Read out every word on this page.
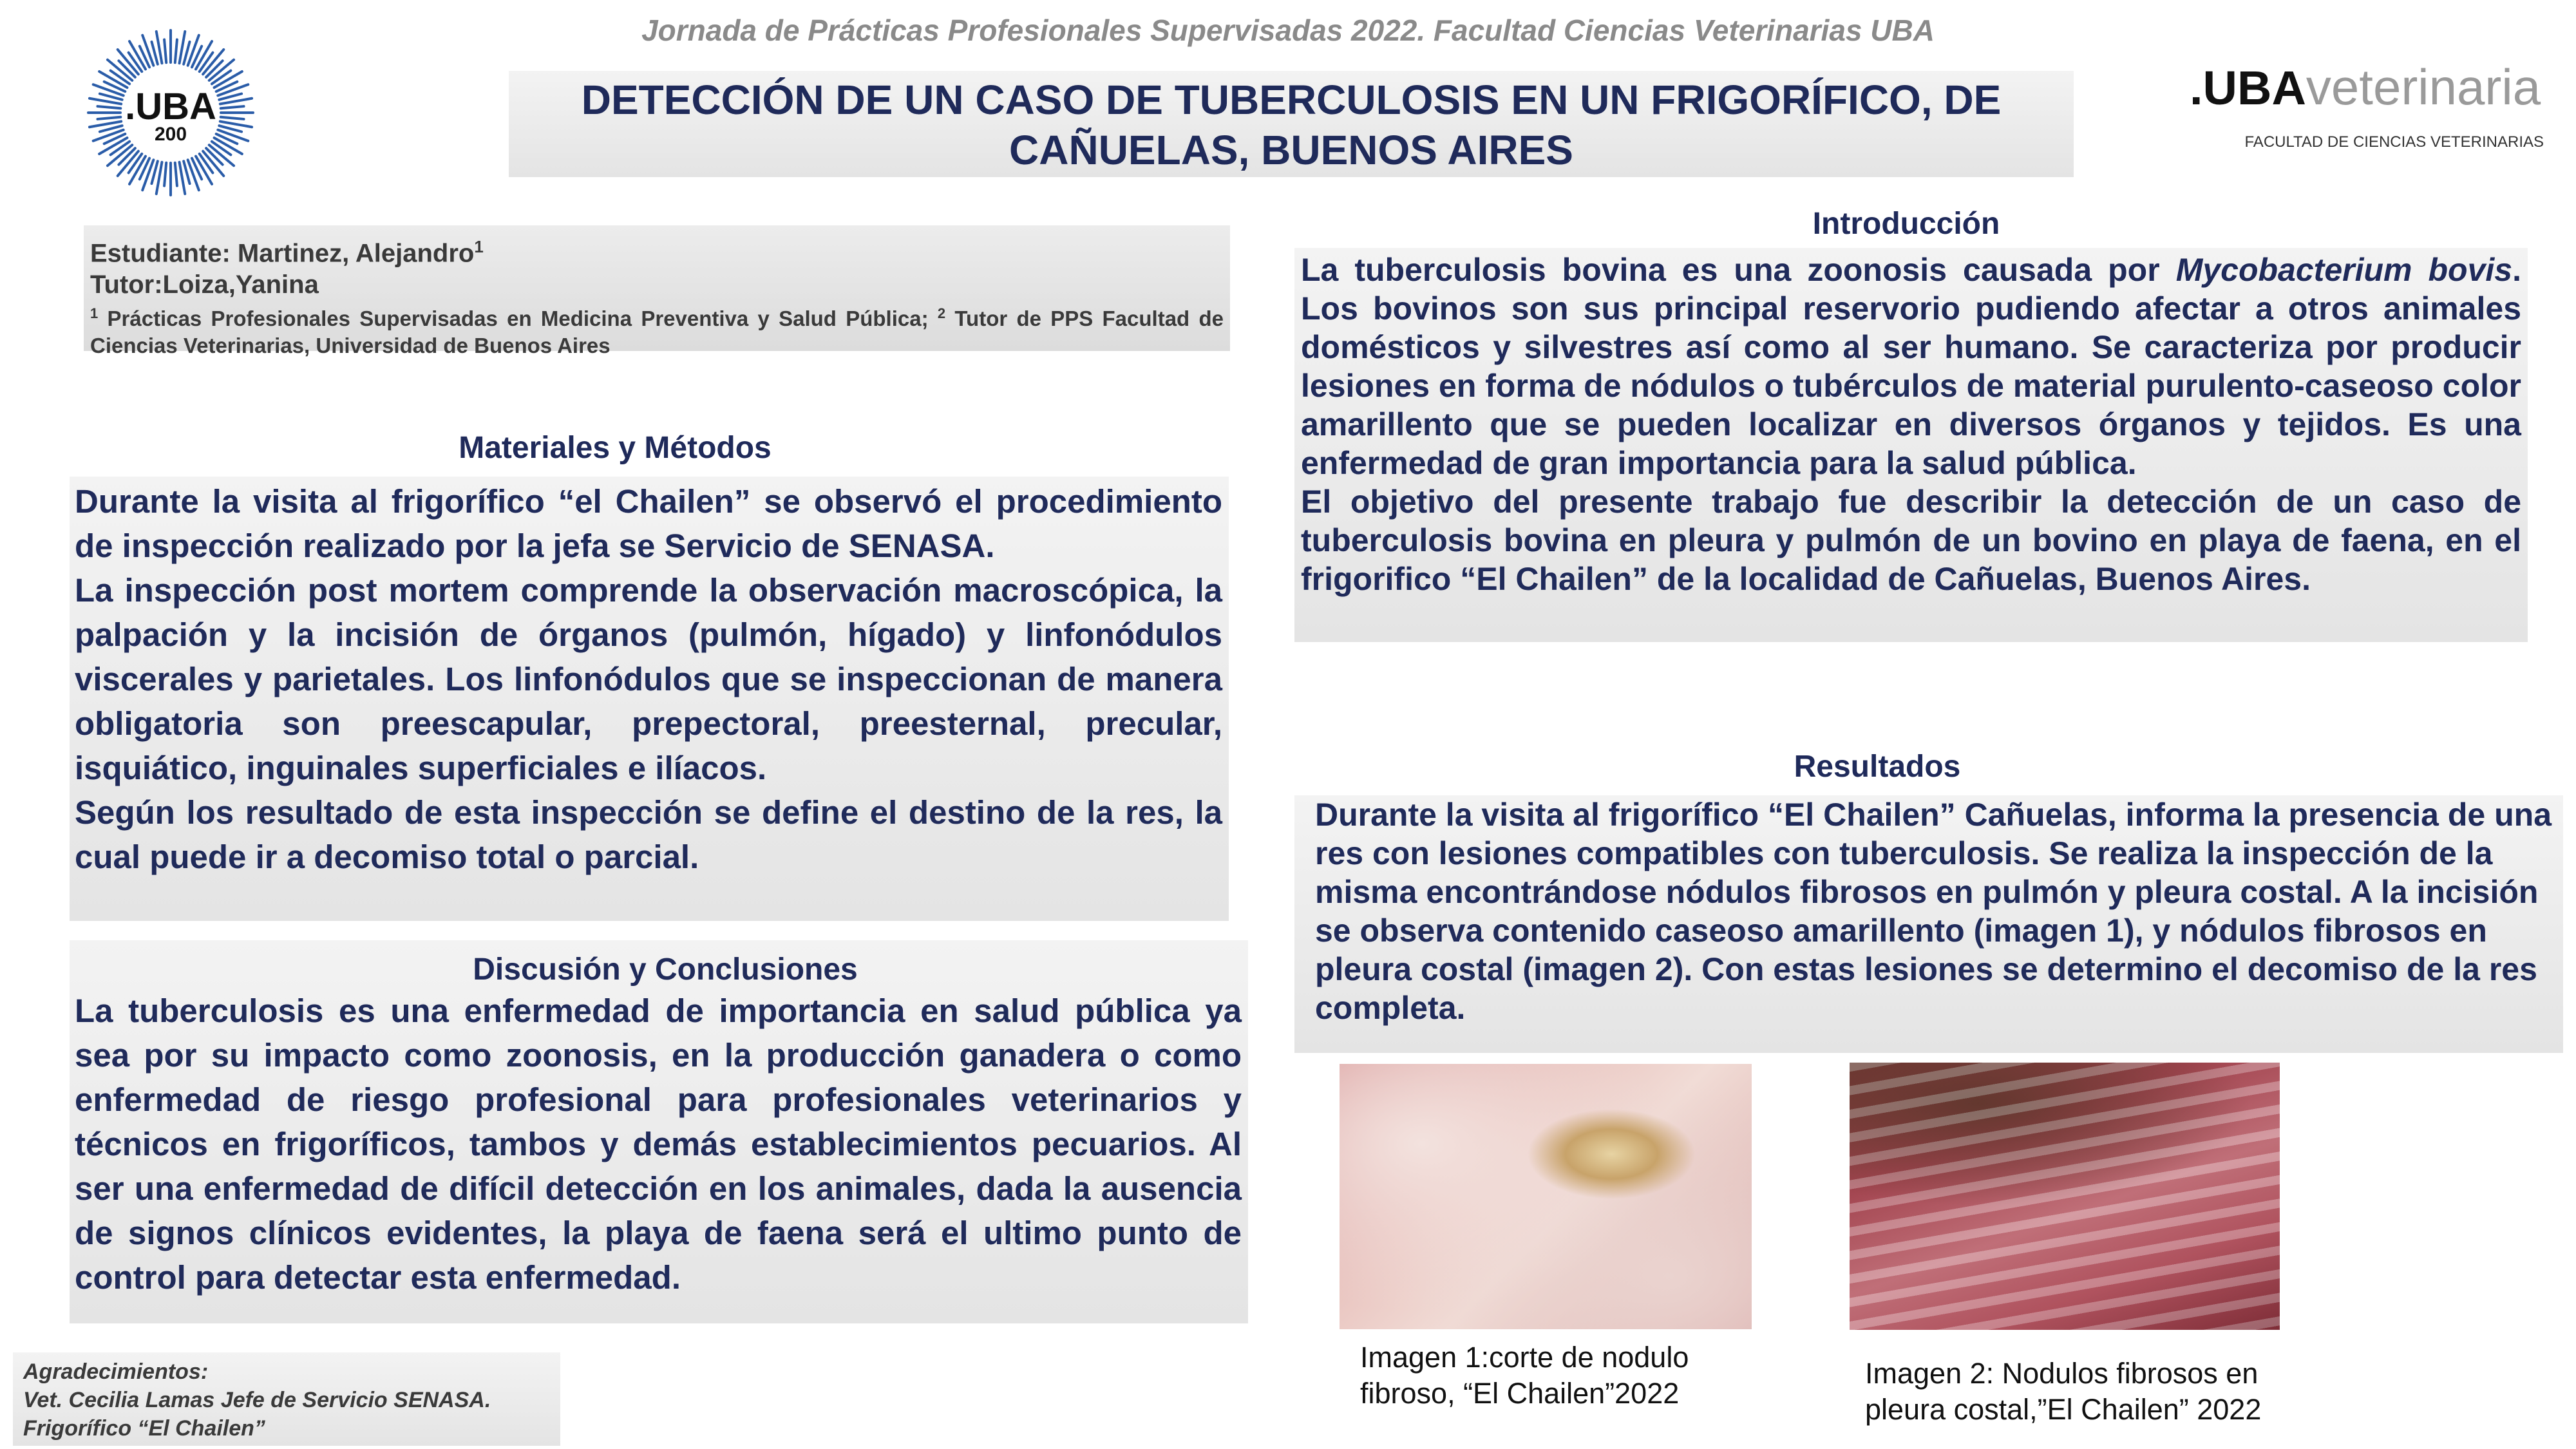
Jornada de Prácticas Profesionales Supervisadas 2022. Facultad Ciencias Veterinarias UBA
DETECCIÓN DE UN CASO DE TUBERCULOSIS EN UN FRIGORÍFICO, DE
CAÑUELAS, BUENOS AIRES
.UBA
200
.UBAveterinaria
FACULTAD DE CIENCIAS VETERINARIAS
Estudiante: Martinez, Alejandro$^1$
Tutor:Loiza,Yanina
$^1$ Prácticas Profesionales Supervisadas en Medicina Preventiva y Salud Pública; $^2$ Tutor de PPS Facultad de Ciencias Veterinarias, Universidad de Buenos Aires
Materiales y Métodos

Durante la visita al frigorífico “el Chailen” se observó el procedimiento de inspección realizado por la jefa se Servicio de SENASA.

La inspección post mortem comprende la observación macroscópica, la palpación y la incisión de órganos (pulmón, hígado) y linfonódulos viscerales y parietales. Los linfonódulos que se inspeccionan de manera obligatoria son preescapular, prepectoral, preesternal, precular, isquiático, inguinales superficiales e ilíacos.

Según los resultado de esta inspección se define el destino de la res, la cual puede ir a decomiso total o parcial.

Discusión y Conclusiones

La tuberculosis es una enfermedad de importancia en salud pública ya sea por su impacto como zoonosis, en la producción ganadera o como enfermedad de riesgo profesional para profesionales veterinarios y técnicos en frigoríficos, tambos y demás establecimientos pecuarios. Al ser una enfermedad de difícil detección en los animales, dada la ausencia de signos clínicos evidentes, la playa de faena será el ultimo punto de control para detectar esta enfermedad.

Agradecimientos:
Vet. Cecilia Lamas Jefe de Servicio SENASA.
Frigorífico “El Chailen”
Introducción

La tuberculosis bovina es una zoonosis causada por Mycobacterium bovis. Los bovinos son sus principal reservorio pudiendo afectar a otros animales domésticos y silvestres así como al ser humano. Se caracteriza por producir lesiones en forma de nódulos o tubérculos de material purulento-caseoso color amarillento que se pueden localizar en diversos órganos y tejidos. Es una enfermedad de gran importancia para la salud pública.

El objetivo del presente trabajo fue describir la detección de un caso de tuberculosis bovina en pleura y pulmón de un bovino en playa de faena, en el frigorifico “El Chailen” de la localidad de Cañuelas, Buenos Aires.

Resultados

Durante la visita al frigorífico “El Chailen” Cañuelas, informa la presencia de una res con lesiones compatibles con tuberculosis. Se realiza la inspección de la misma encontrándose nódulos fibrosos en pulmón y pleura costal. A la incisión se observa contenido caseoso amarillento (imagen 1), y nódulos fibrosos en pleura costal (imagen 2). Con estas lesiones se determino el decomiso de la res completa.

Imagen 1:corte de nodulo
fibroso, “El Chailen”2022
Imagen 2: Nodulos fibrosos en
pleura costal,”El Chailen” 2022
